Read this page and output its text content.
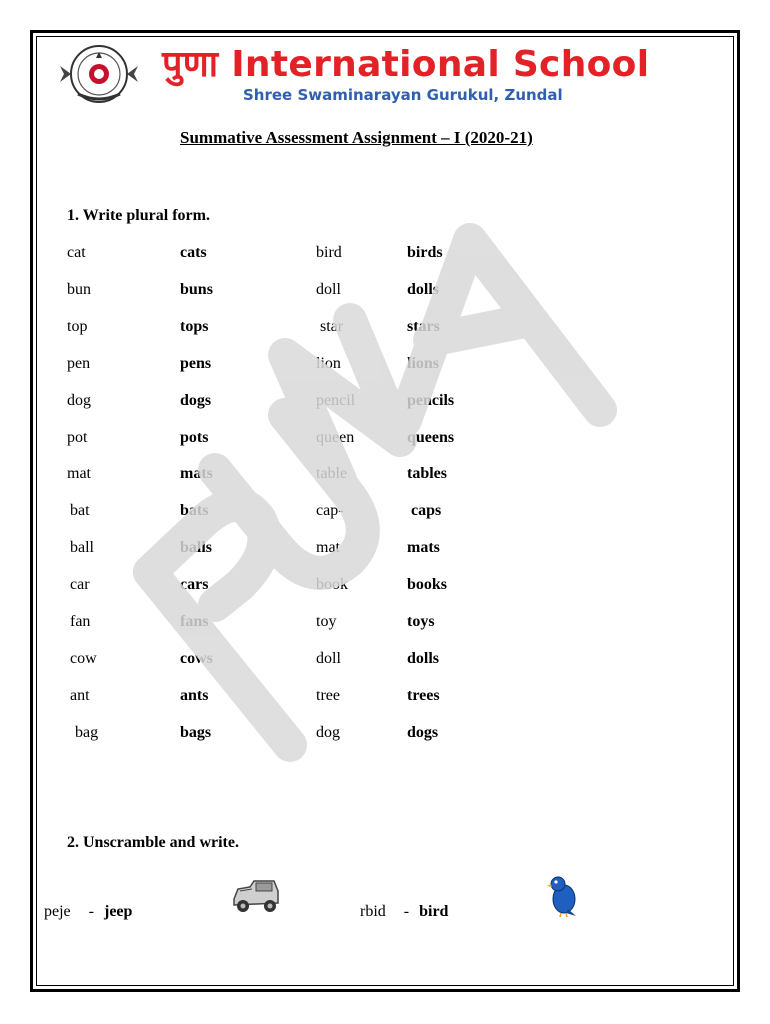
पुणा International School
Shree Swaminarayan Gurukul, Zundal
Summative Assessment Assignment – I (2020-21)
1. Write plural form.
cat	cats	bird	birds
bun	buns	doll	dolls
top	tops	star	stars
pen	pens	lion	lions
dog	dogs	pencil	pencils
pot	pots	queen	queens
mat	mats	table	tables
bat	bats	cap-	caps
ball	balls	mat	mats
car	cars	book	books
fan	fans	toy	toys
cow	cows	doll	dolls
ant	ants	tree	trees
bag	bags	dog	dogs
2. Unscramble and write.
peje - jeep	rbid - bird
